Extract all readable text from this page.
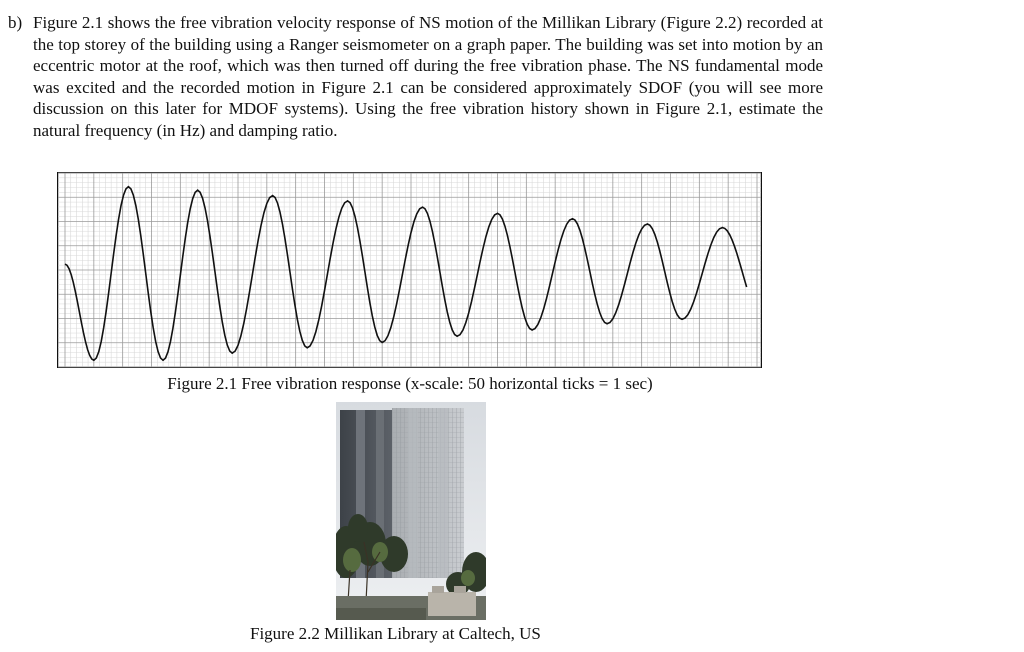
b) Figure 2.1 shows the free vibration velocity response of NS motion of the Millikan Library (Figure 2.2) recorded at the top storey of the building using a Ranger seismometer on a graph paper. The building was set into motion by an eccentric motor at the roof, which was then turned off during the free vibration phase. The NS fundamental mode was excited and the recorded motion in Figure 2.1 can be considered approximately SDOF (you will see more discussion on this later for MDOF systems). Using the free vibration history shown in Figure 2.1, estimate the natural frequency (in Hz) and damping ratio.
Figure 2.1 Free vibration response (x-scale: 50 horizontal ticks = 1 sec)
Figure 2.2 Millikan Library at Caltech, US
